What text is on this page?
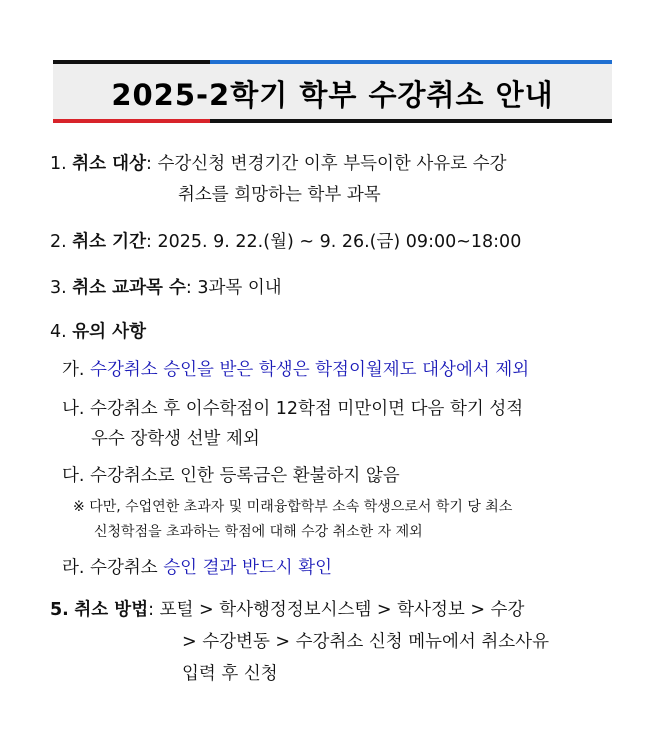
2025-2학기 학부 수강취소 안내
1. 취소 대상: 수강신청 변경기간 이후 부득이한 사유로 수강
취소를 희망하는 학부 과목
2. 취소 기간: 2025. 9. 22.(월) ~ 9. 26.(금) 09:00~18:00
3. 취소 교과목 수: 3과목 이내
4. 유의 사항
가. 수강취소 승인을 받은 학생은 학점이월제도 대상에서 제외
나. 수강취소 후 이수학점이 12학점 미만이면 다음 학기 성적
우수 장학생 선발 제외
다. 수강취소로 인한 등록금은 환불하지 않음
※ 다만, 수업연한 초과자 및 미래융합학부 소속 학생으로서 학기 당 최소
신청학점을 초과하는 학점에 대해 수강 취소한 자 제외
라. 수강취소 승인 결과 반드시 확인
5. 취소 방법: 포털 > 학사행정정보시스템 > 학사정보 > 수강
> 수강변동 > 수강취소 신청 메뉴에서 취소사유
입력 후 신청
